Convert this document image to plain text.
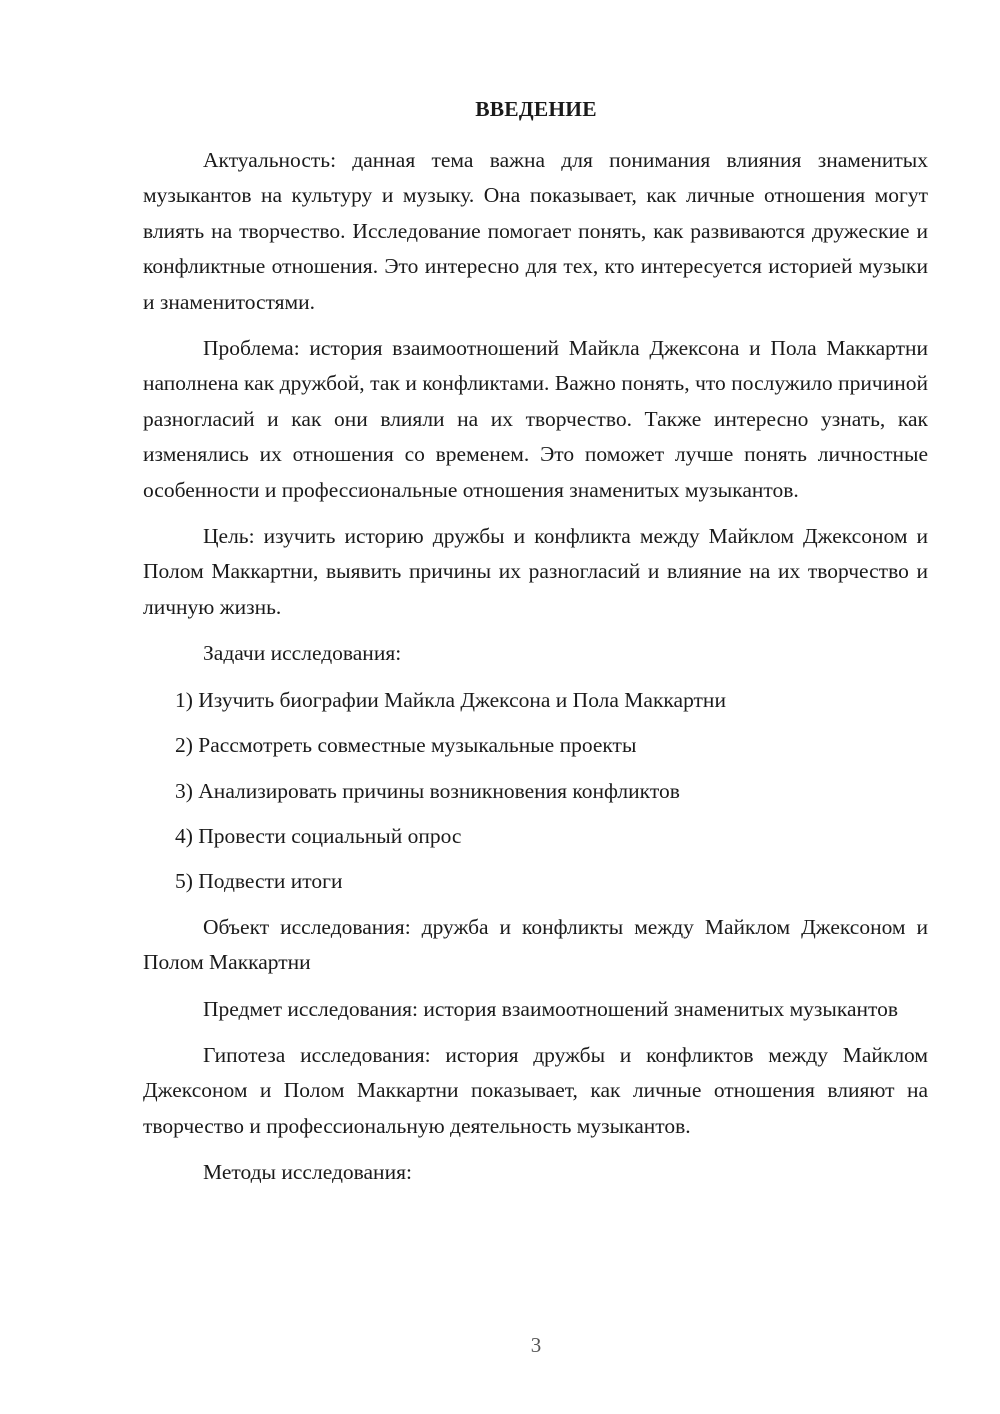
ВВЕДЕНИЕ

Актуальность: данная тема важна для понимания влияния знаменитых музыкантов на культуру и музыку. Она показывает, как личные отношения могут влиять на творчество. Исследование помогает понять, как развиваются дружеские и конфликтные отношения. Это интересно для тех, кто интересуется историей музыки и знаменитостями.

Проблема: история взаимоотношений Майкла Джексона и Пола Маккартни наполнена как дружбой, так и конфликтами. Важно понять, что послужило причиной разногласий и как они влияли на их творчество. Также интересно узнать, как изменялись их отношения со временем. Это поможет лучше понять личностные особенности и профессиональные отношения знаменитых музыкантов.

Цель: изучить историю дружбы и конфликта между Майклом Джексоном и Полом Маккартни, выявить причины их разногласий и влияние на их творчество и личную жизнь.

Задачи исследования:

1) Изучить биографии Майкла Джексона и Пола Маккартни
2) Рассмотреть совместные музыкальные проекты
3) Анализировать причины возникновения конфликтов
4) Провести социальный опрос
5) Подвести итоги

Объект исследования: дружба и конфликты между Майклом Джексоном и Полом Маккартни

Предмет исследования: история взаимоотношений знаменитых музыкантов

Гипотеза исследования: история дружбы и конфликтов между Майклом Джексоном и Полом Маккартни показывает, как личные отношения влияют на творчество и профессиональную деятельность музыкантов.

Методы исследования:

3
